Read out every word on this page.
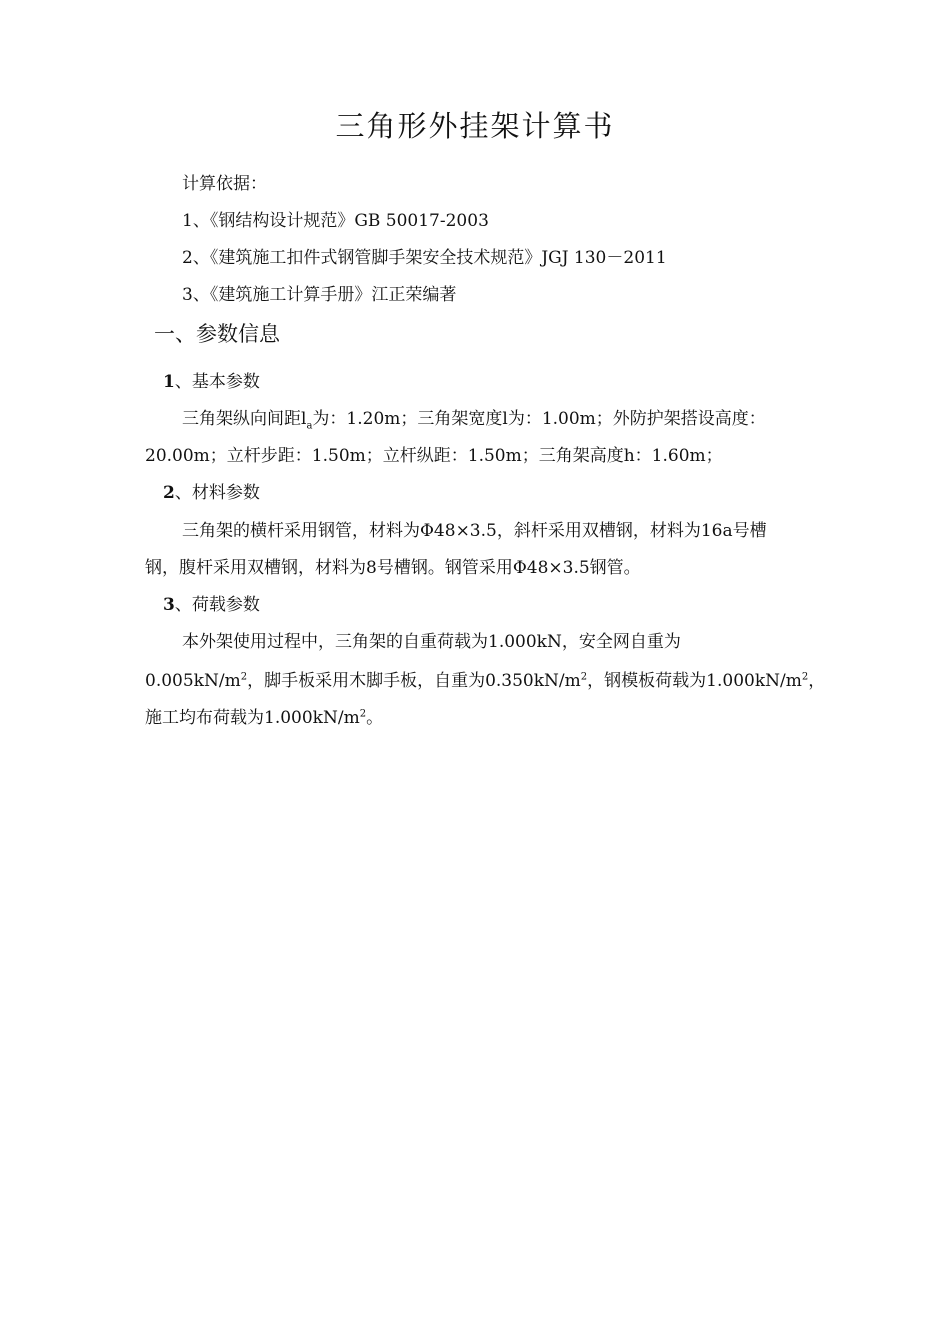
三角形外挂架计算书
计算依据：
1、《钢结构设计规范》GB 50017-2003
2、《建筑施工扣件式钢管脚手架安全技术规范》JGJ 130－2011
3、《建筑施工计算手册》江正荣编著
一、参数信息
1、基本参数
三角架纵向间距$l_a$为：1.20m；三角架宽度l为：1.00m；外防护架搭设高度：
20.00m；立杆步距：1.50m；立杆纵距：1.50m；三角架高度h：1.60m；
2、材料参数
三角架的横杆采用钢管，材料为Φ48×3.5，斜杆采用双槽钢，材料为16a号槽
钢，腹杆采用双槽钢，材料为8号槽钢。钢管采用Φ48×3.5钢管。
3、荷载参数
本外架使用过程中，三角架的自重荷载为1.000kN，安全网自重为
$0.005kN/m^2$，脚手板采用木脚手板，自重为$0.350kN/m^2$，钢模板荷载为$1.000kN/m^2$，
施工均布荷载为$1.000kN/m^2$。
